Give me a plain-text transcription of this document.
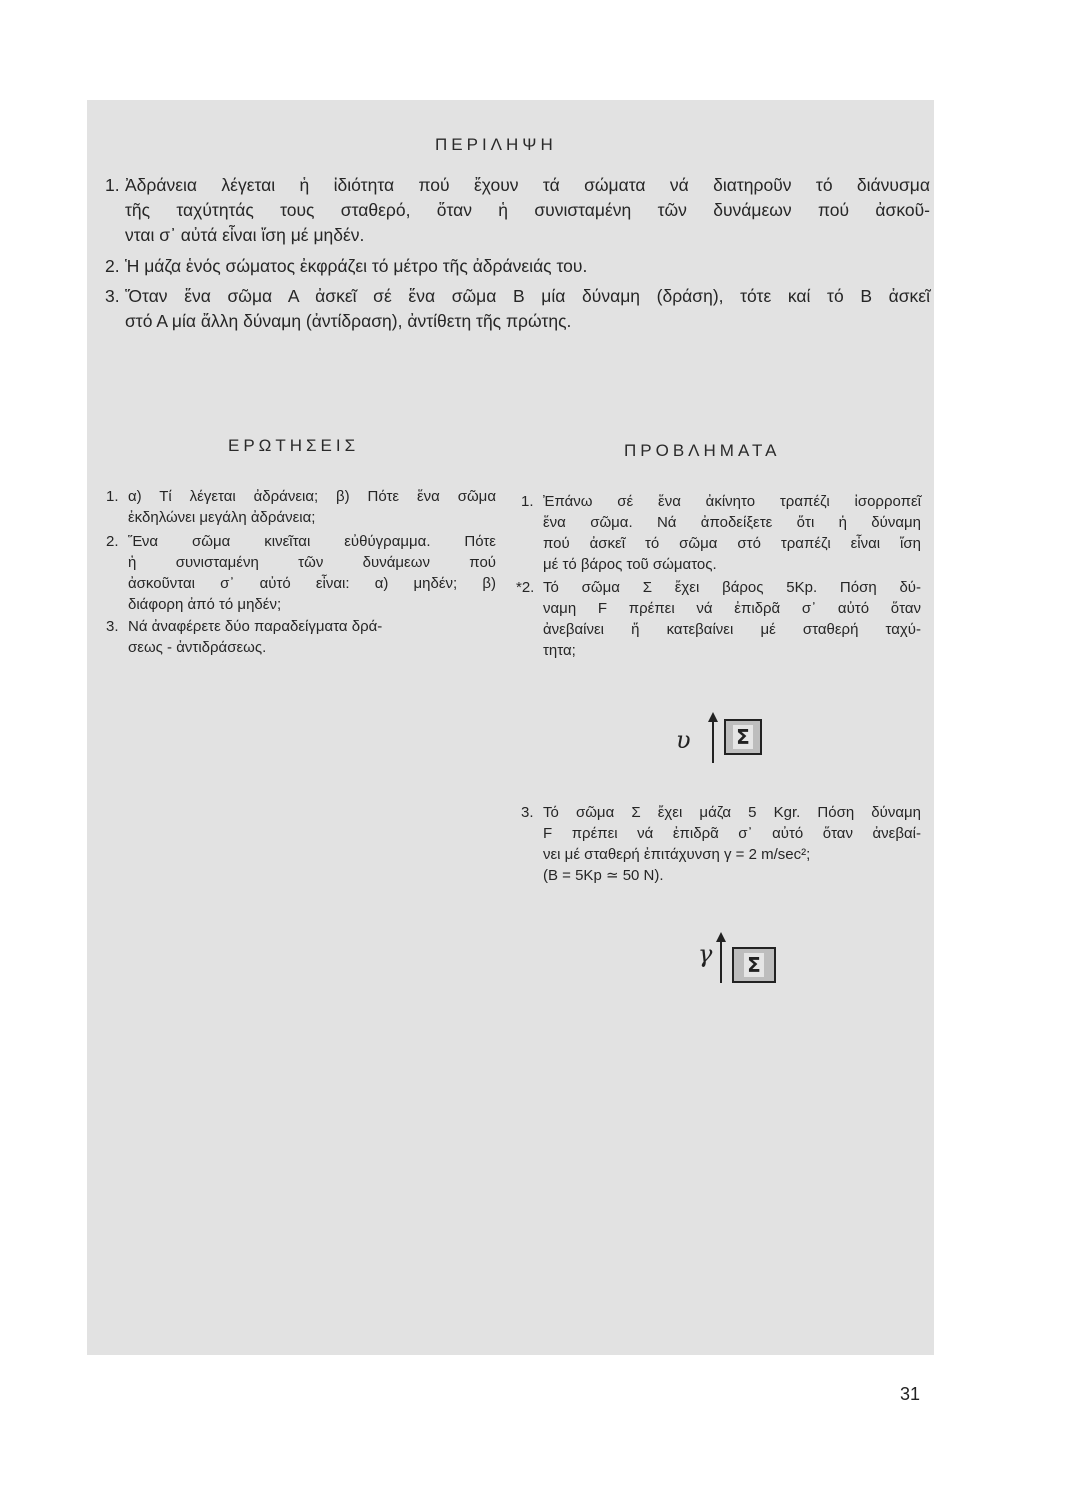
ΠΕΡΙΛΗΨΗ
1. Ἀδράνεια λέγεται ἡ ἰδιότητα πού ἔχουν τά σώματα νά διατηροῦν τό διάνυσμα
τῆς ταχύτητάς τους σταθερό, ὅταν ἡ συνισταμένη τῶν δυνάμεων πού ἀσκοῦ-
νται σ᾽ αὐτά εἶναι ἴση μέ μηδέν.
2. Ἡ μάζα ἑνός σώματος ἐκφράζει τό μέτρο τῆς ἀδράνειάς του.
3. Ὅταν ἕνα σῶμα Α ἀσκεῖ σέ ἕνα σῶμα Β μία δύναμη (δράση), τότε καί τό Β ἀσκεῖ
στό Α μία ἄλλη δύναμη (ἀντίδραση), ἀντίθετη τῆς πρώτης.
ΕΡΩΤΗΣΕΙΣ
1. α) Τί λέγεται ἀδράνεια; β) Πότε ἕνα σῶμα
ἐκδηλώνει μεγάλη ἀδράνεια;
2. Ἕνα σῶμα κινεῖται εὐθύγραμμα. Πότε
ἡ συνισταμένη τῶν δυνάμεων πού
ἀσκοῦνται σ᾽ αὐτό εἶναι: α) μηδέν; β)
διάφορη ἀπό τό μηδέν;
3. Νά ἀναφέρετε δύο παραδείγματα δρά-
σεως - ἀντιδράσεως.
ΠΡΟΒΛΗΜΑΤΑ
1. Ἐπάνω σέ ἕνα ἀκίνητο τραπέζι ἰσορροπεῖ
ἕνα σῶμα. Νά ἀποδείξετε ὅτι ἡ δύναμη
πού ἀσκεῖ τό σῶμα στό τραπέζι εἶναι ἴση
μέ τό βάρος τοῦ σώματος.
*2. Τό σῶμα Σ ἔχει βάρος 5Kp. Πόση δύ-
ναμη F πρέπει νά ἐπιδρᾶ σ᾽ αὐτό ὅταν
ἀνεβαίνει ἤ κατεβαίνει μέ σταθερή ταχύ-
τητα;
υ Σ
3. Τό σῶμα Σ ἔχει μάζα 5 Kgr. Πόση δύναμη
F πρέπει νά ἐπιδρᾶ σ᾽ αὐτό ὅταν ἀνεβαί-
νει μέ σταθερή ἐπιτάχυνση γ = 2 m/sec²;
(Β = 5Kp ≃ 50 N).
γ Σ
31
